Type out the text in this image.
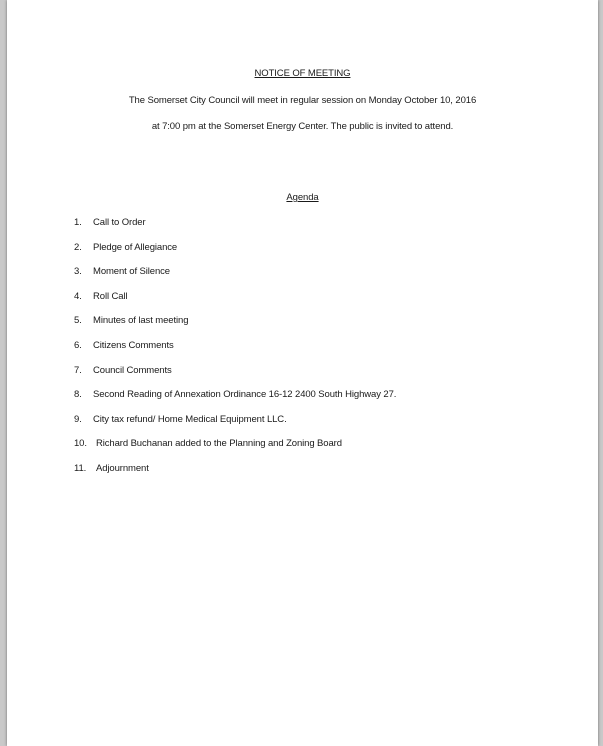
NOTICE OF MEETING
The Somerset City Council will meet in regular session on Monday October 10, 2016
at 7:00 pm at the Somerset Energy Center. The public is invited to attend.
Agenda
1. Call to Order
2. Pledge of Allegiance
3. Moment of Silence
4. Roll Call
5. Minutes of last meeting
6. Citizens Comments
7. Council Comments
8. Second Reading of Annexation Ordinance 16-12 2400 South Highway 27.
9. City tax refund/ Home Medical Equipment LLC.
10. Richard Buchanan added to the Planning and Zoning Board
11. Adjournment
